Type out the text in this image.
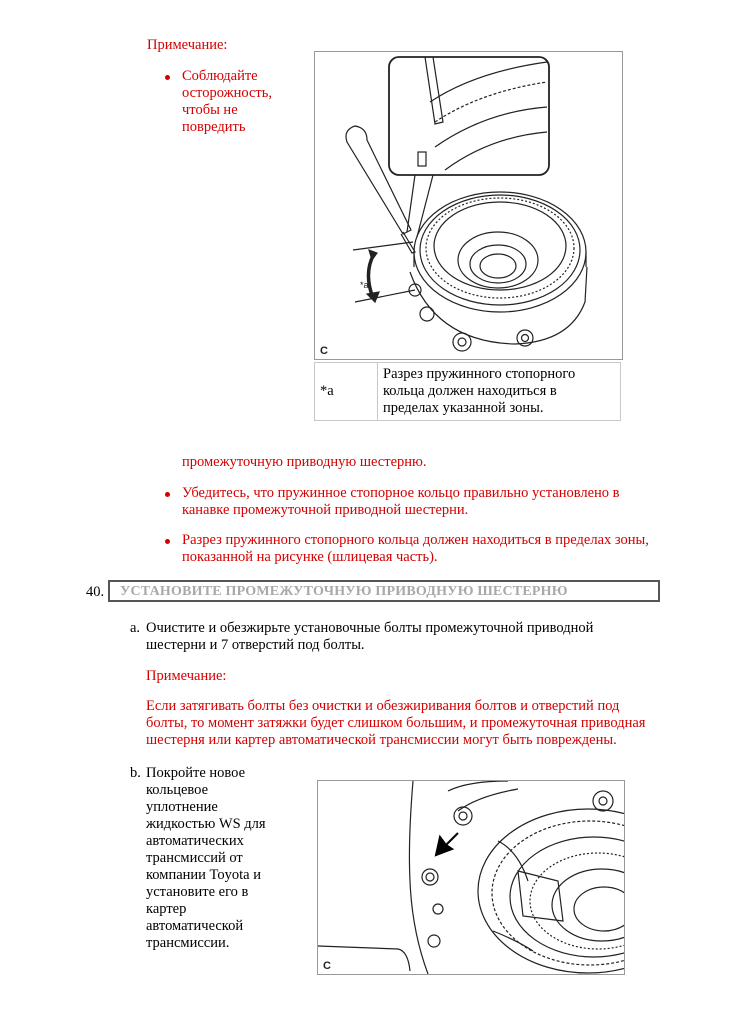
Примечание:
Соблюдайте
осторожность,
чтобы не
повредить
*a
C
*a	
Разрез пружинного стопорного
кольца должен находиться в
пределах указанной зоны.
промежуточную приводную шестерню.
Убедитесь, что пружинное стопорное кольцо правильно установлено в
канавке промежуточной приводной шестерни.
Разрез пружинного стопорного кольца должен находиться в пределах зоны,
показанной на рисунке (шлицевая часть).
40. УСТАНОВИТЕ ПРОМЕЖУТОЧНУЮ ПРИВОДНУЮ ШЕСТЕРНЮ
a. Очистите и обезжирьте установочные болты промежуточной приводной
шестерни и 7 отверстий под болты.
Примечание:
Если затягивать болты без очистки и обезжиривания болтов и отверстий под
болты, то момент затяжки будет слишком большим, и промежуточная приводная
шестерня или картер автоматической трансмиссии могут быть повреждены.
b. Покройте новое
кольцевое
уплотнение
жидкостью WS для
автоматических
трансмиссий от
компании Toyota и
установите его в
картер
автоматической
трансмиссии.
C
